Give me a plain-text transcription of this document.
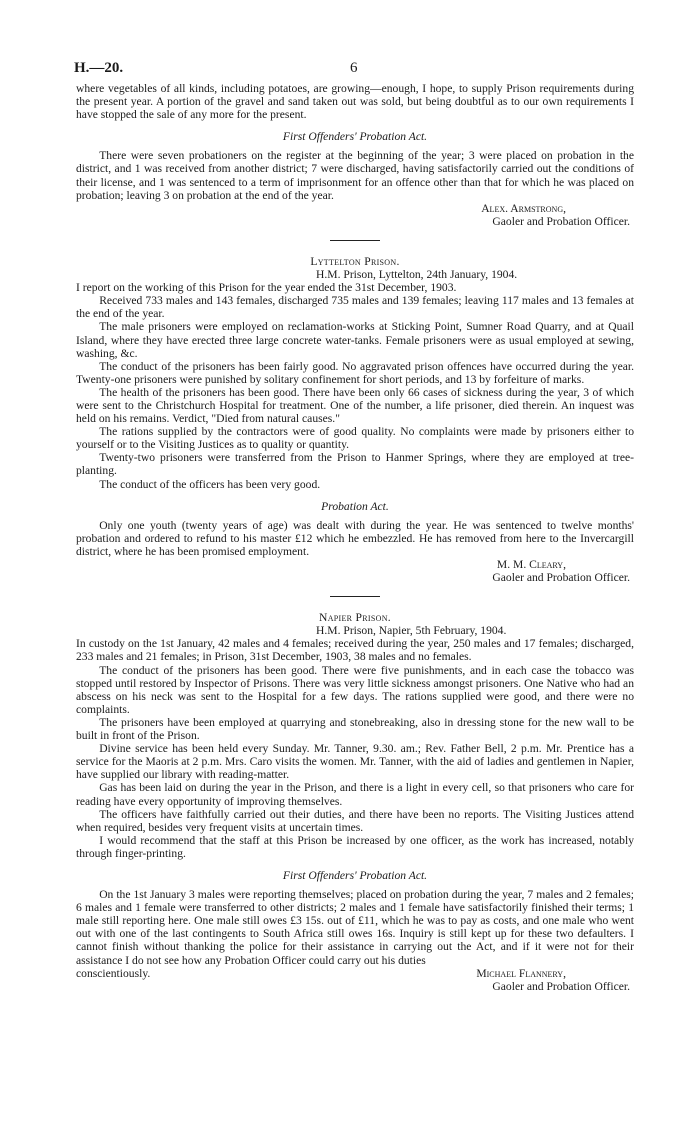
H.—20.	6

where vegetables of all kinds, including potatoes, are growing—enough, I hope, to supply Prison requirements during the present year. A portion of the gravel and sand taken out was sold, but being doubtful as to our own requirements I have stopped the sale of any more for the present.

First Offenders' Probation Act.

There were seven probationers on the register at the beginning of the year; 3 were placed on probation in the district, and 1 was received from another district; 7 were discharged, having satisfactorily carried out the conditions of their license, and 1 was sentenced to a term of imprisonment for an offence other than that for which he was placed on probation; leaving 3 on probation at the end of the year.

Alex. Armstrong,
Gaoler and Probation Officer.
Lyttelton Prison.
H.M. Prison, Lyttelton, 24th January, 1904.

I report on the working of this Prison for the year ended the 31st December, 1903.

Received 733 males and 143 females, discharged 735 males and 139 females; leaving 117 males and 13 females at the end of the year.

The male prisoners were employed on reclamation-works at Sticking Point, Sumner Road Quarry, and at Quail Island, where they have erected three large concrete water-tanks. Female prisoners were as usual employed at sewing, washing, &c.

The conduct of the prisoners has been fairly good. No aggravated prison offences have occurred during the year. Twenty-one prisoners were punished by solitary confinement for short periods, and 13 by forfeiture of marks.

The health of the prisoners has been good. There have been only 66 cases of sickness during the year, 3 of which were sent to the Christchurch Hospital for treatment. One of the number, a life prisoner, died therein. An inquest was held on his remains. Verdict, "Died from natural causes."

The rations supplied by the contractors were of good quality. No complaints were made by prisoners either to yourself or to the Visiting Justices as to quality or quantity.

Twenty-two prisoners were transferred from the Prison to Hanmer Springs, where they are employed at tree-planting.

The conduct of the officers has been very good.

Probation Act.

Only one youth (twenty years of age) was dealt with during the year. He was sentenced to twelve months' probation and ordered to refund to his master £12 which he embezzled. He has removed from here to the Invercargill district, where he has been promised employment.

M. M. Cleary,
Gaoler and Probation Officer.
Napier Prison.
H.M. Prison, Napier, 5th February, 1904.

In custody on the 1st January, 42 males and 4 females; received during the year, 250 males and 17 females; discharged, 233 males and 21 females; in Prison, 31st December, 1903, 38 males and no females.

The conduct of the prisoners has been good. There were five punishments, and in each case the tobacco was stopped until restored by Inspector of Prisons. There was very little sickness amongst prisoners. One Native who had an abscess on his neck was sent to the Hospital for a few days. The rations supplied were good, and there were no complaints.

The prisoners have been employed at quarrying and stonebreaking, also in dressing stone for the new wall to be built in front of the Prison.

Divine service has been held every Sunday. Mr. Tanner, 9.30. am.; Rev. Father Bell, 2 p.m. Mr. Prentice has a service for the Maoris at 2 p.m. Mrs. Caro visits the women. Mr. Tanner, with the aid of ladies and gentlemen in Napier, have supplied our library with reading-matter.

Gas has been laid on during the year in the Prison, and there is a light in every cell, so that prisoners who care for reading have every opportunity of improving themselves.

The officers have faithfully carried out their duties, and there have been no reports. The Visiting Justices attend when required, besides very frequent visits at uncertain times.

I would recommend that the staff at this Prison be increased by one officer, as the work has increased, notably through finger-printing.

First Offenders' Probation Act.

On the 1st January 3 males were reporting themselves; placed on probation during the year, 7 males and 2 females; 6 males and 1 female were transferred to other districts; 2 males and 1 female have satisfactorily finished their terms; 1 male still reporting here. One male still owes £3 15s. out of £11, which he was to pay as costs, and one male who went out with one of the last contingents to South Africa still owes 16s. Inquiry is still kept up for these two defaulters. I cannot finish without thanking the police for their assistance in carrying out the Act, and if it were not for their assistance I do not see how any Probation Officer could carry out his duties

conscientiously.	Michael Flannery,
Gaoler and Probation Officer.
